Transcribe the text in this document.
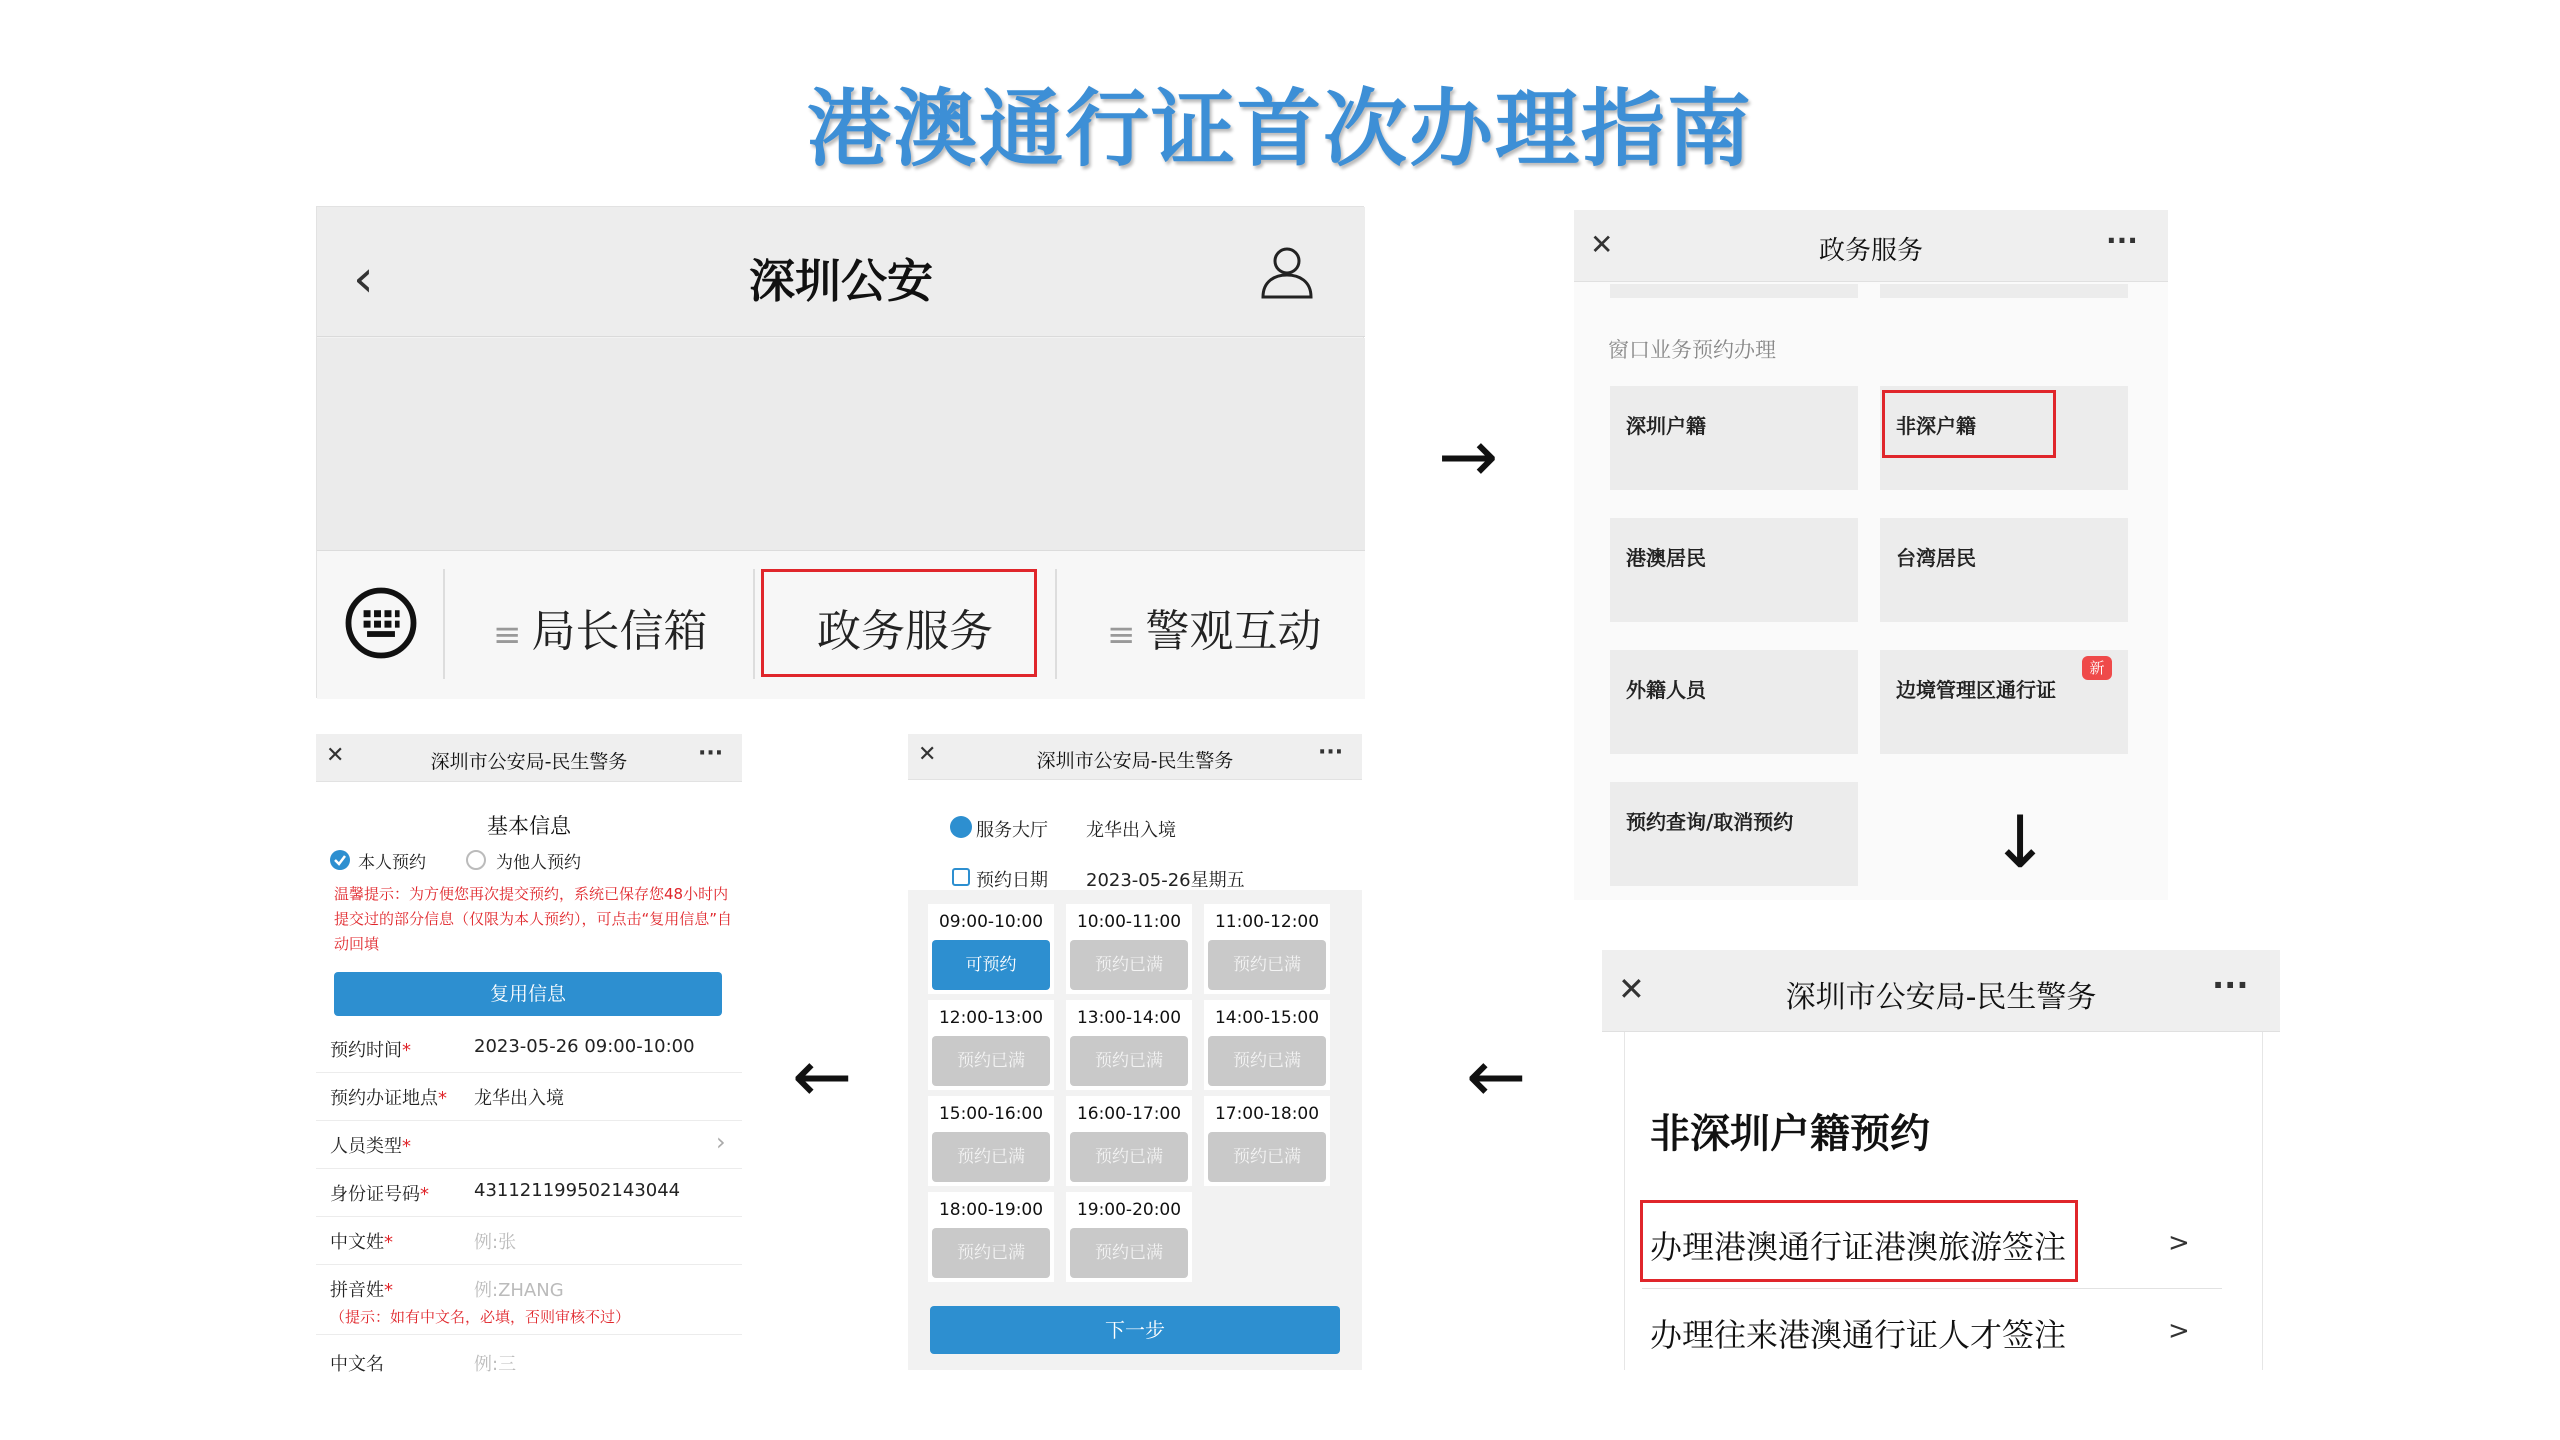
港澳通行证首次办理指南
‹	深圳公安
≡ 局长信箱 政务服务	≡ 警观互动
→
✕	政务服务	···
窗口业务预约办理
深圳户籍	非深户籍
港澳居民	台湾居民
外籍人员	边境管理区通行证
新
预约查询/取消预约	↓
✕	深圳市公安局-民生警务	···
非深圳户籍预约
办理港澳通行证港澳旅游签注	>
办理往来港澳通行证人才签注	>
←
✕	深圳市公安局-民生警务	···
服务大厅 龙华出入境
预约日期 2023-05-26星期五
09:00-10:00
可预约
10:00-11:00
预约已满
11:00-12:00
预约已满
12:00-13:00
预约已满
13:00-14:00
预约已满
14:00-15:00
预约已满
15:00-16:00
预约已满
16:00-17:00
预约已满
17:00-18:00
预约已满
18:00-19:00
预约已满
19:00-20:00
预约已满
下一步
←
✕	深圳市公安局-民生警务	···
基本信息
本人预约	为他人预约
温馨提示：为方便您再次提交预约，系统已保存您48小时内提交过的部分信息（仅限为本人预约），可点击“复用信息”自动回填
复用信息
预约时间*	2023-05-26 09:00-10:00
预约办证地点* 龙华出入境
人员类型*	›
身份证号码*	431121199502143044
中文姓*	例:张
拼音姓*	例:ZHANG
（提示：如有中文名，必填，否则审核不过）
中文名	例:三
